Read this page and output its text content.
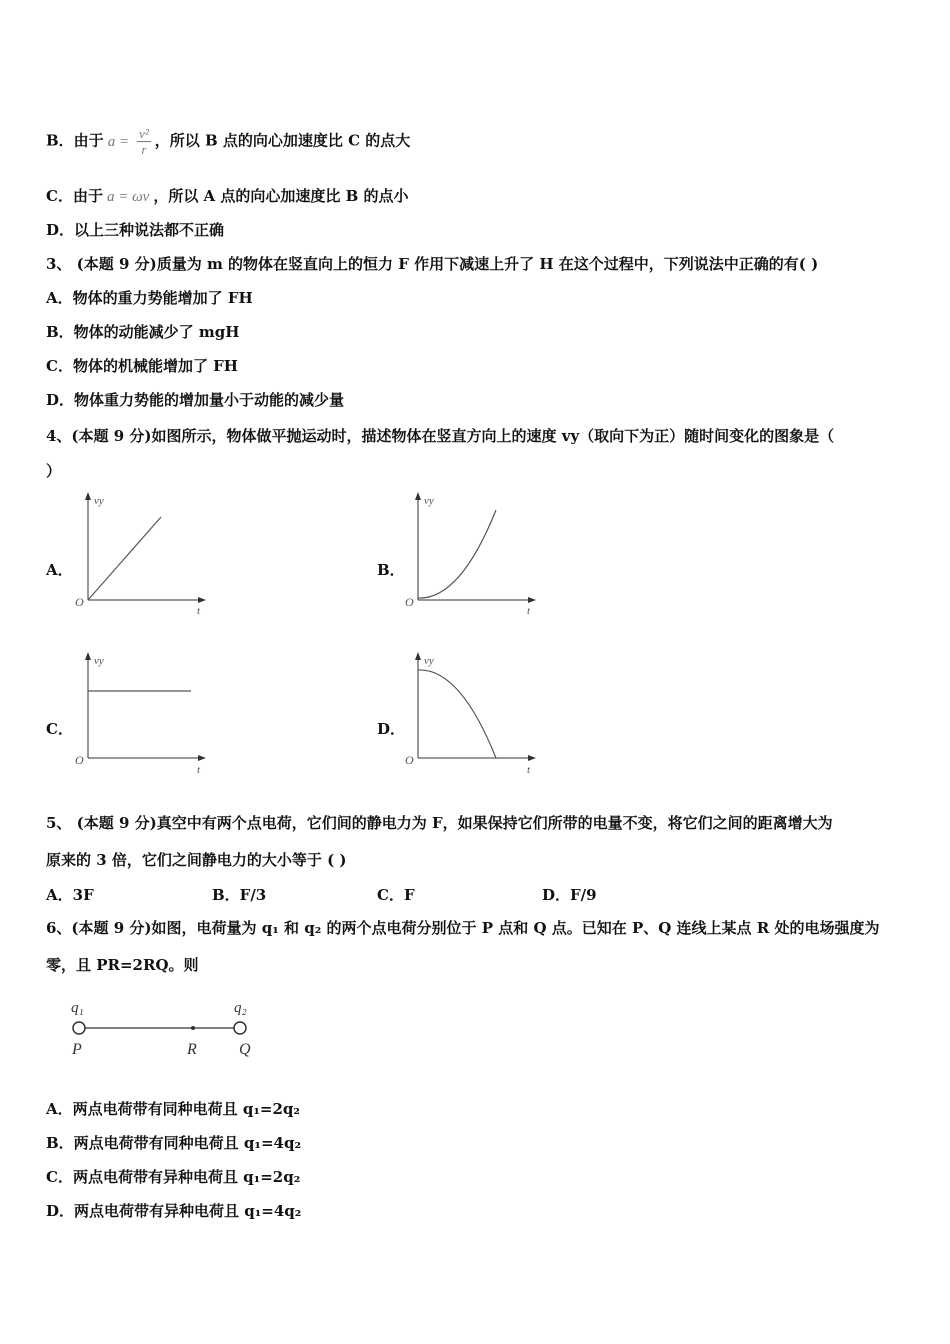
B．由于 $a = \frac{\text{v²}}{r}$ ，所以 B 点的向心加速度比 C 的点大
C．由于 a = ωv ，所以 A 点的向心加速度比 B 的点小
D．以上三种说法都不正确
3、 (本题 9 分)质量为 m 的物体在竖直向上的恒力 F 作用下减速上升了 H 在这个过程中，下列说法中正确的有( )
A．物体的重力势能增加了 FH
B．物体的动能减少了 mgH
C．物体的机械能增加了 FH
D．物体重力势能的增加量小于动能的减少量
4、(本题 9 分)如图所示，物体做平抛运动时，描述物体在竖直方向上的速度 vy（取向下为正）随时间变化的图象是（
）
A．
vy
t
O
B．
vy
t
O
C．
vy
t
O
D．
vy
t
O
5、 (本题 9 分)真空中有两个点电荷，它们间的静电力为 F，如果保持它们所带的电量不变，将它们之间的距离增大为
原来的 3 倍，它们之间静电力的大小等于 ( )
A．3F	B．F/3	C．F	D．F/9
6、(本题 9 分)如图，电荷量为 q₁ 和 q₂ 的两个点电荷分别位于 P 点和 Q 点。已知在 P、Q 连线上某点 R 处的电场强度为
零，且 PR=2RQ。则
q₁	q₂
P	R	Q
A．两点电荷带有同种电荷且 q₁=2q₂
B．两点电荷带有同种电荷且 q₁=4q₂
C．两点电荷带有异种电荷且 q₁=2q₂
D．两点电荷带有异种电荷且 q₁=4q₂
